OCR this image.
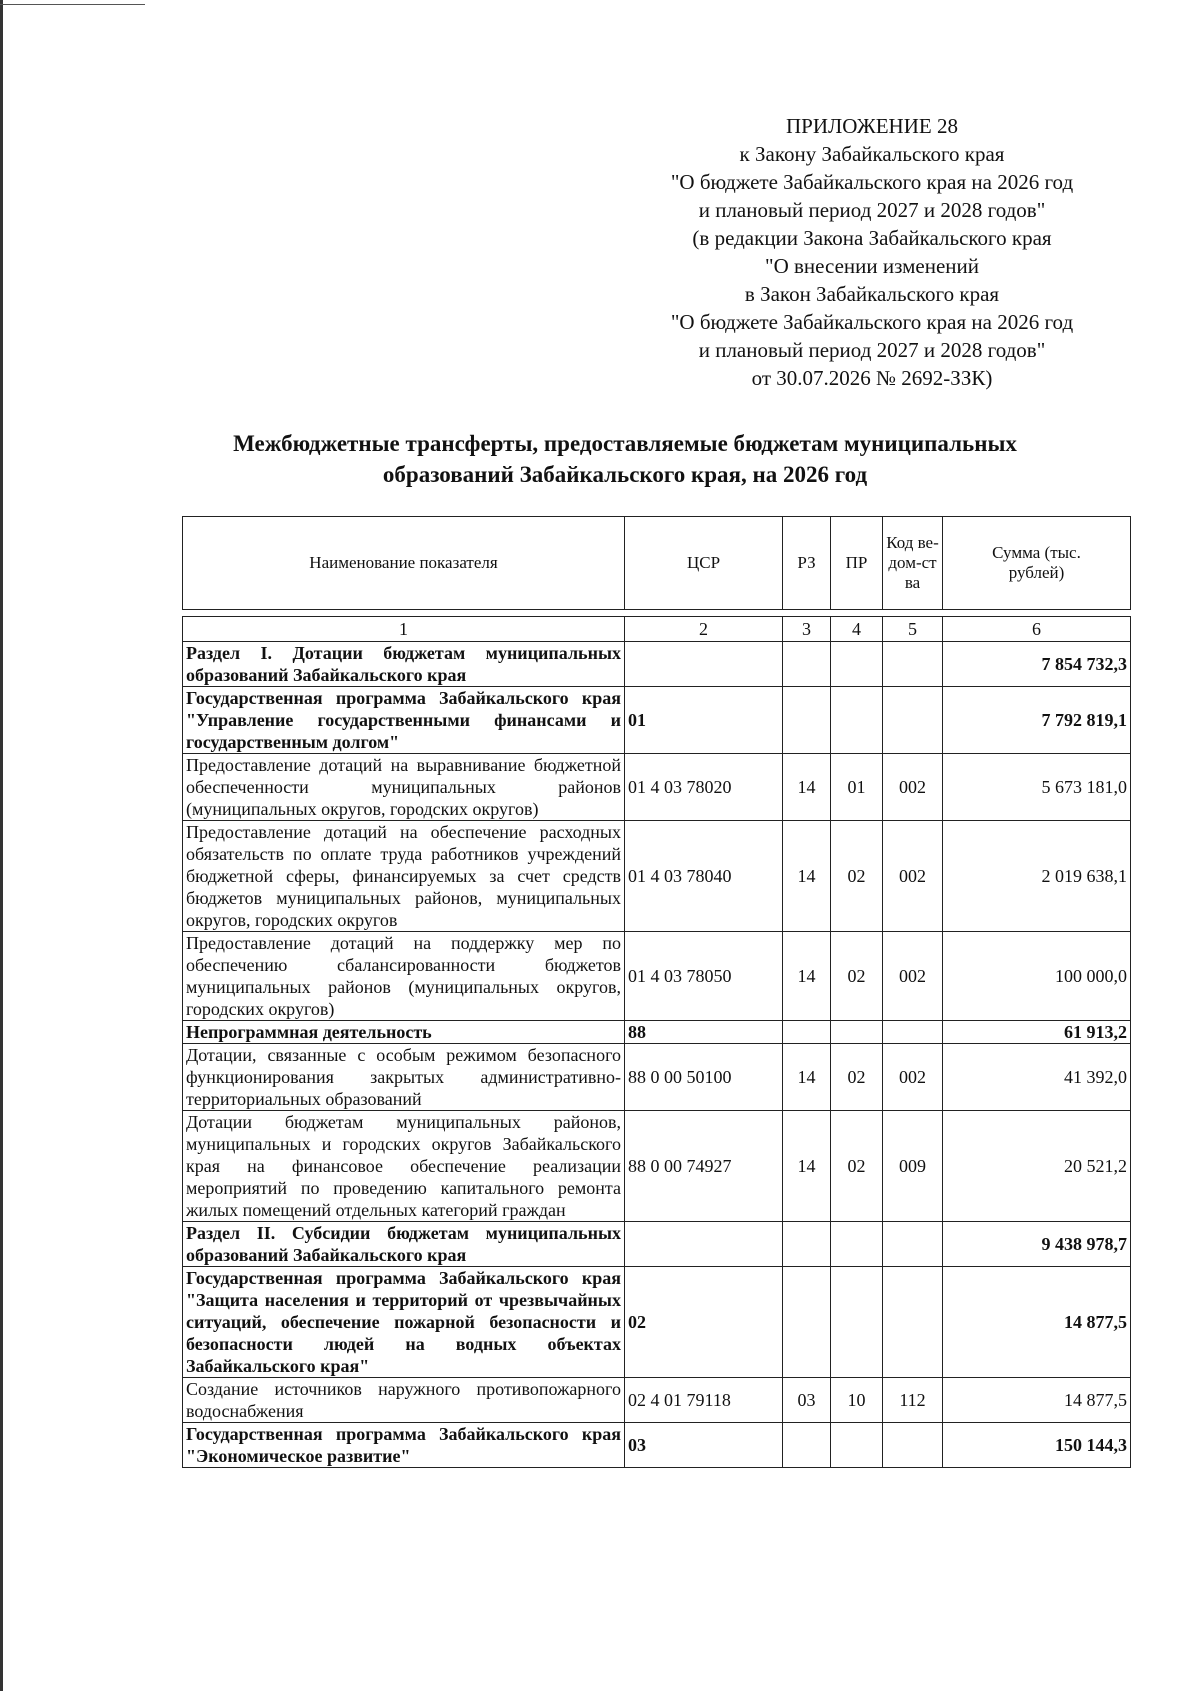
ПРИЛОЖЕНИЕ 28
к Закону Забайкальского края
"О бюджете Забайкальского края на 2026 год
и плановый период 2027 и 2028 годов"
(в редакции Закона Забайкальского края
"О внесении изменений
в Закон Забайкальского края
"О бюджете Забайкальского края на 2026 год
и плановый период 2027 и 2028 годов"
от 30.07.2026 № 2692-ЗЗК)
Межбюджетные трансферты, предоставляемые бюджетам муниципальных
образований Забайкальского края, на 2026 год
Наименование показателя	ЦСР	РЗ	ПР	Код ве-дом-ства	Сумма (тыс. рублей)

1	2	3	4	5	6
Раздел I. Дотации бюджетам муниципальных образований Забайкальского края					7 854 732,3
Государственная программа Забайкальского края "Управление государственными финансами и государственным долгом"	01				7 792 819,1
Предоставление дотаций на выравнивание бюджетной обеспеченности муниципальных районов (муниципальных округов, городских округов)	01 4 03 78020	14	01	002	5 673 181,0
Предоставление дотаций на обеспечение расходных обязательств по оплате труда работников учреждений бюджетной сферы, финансируемых за счет средств бюджетов муниципальных районов, муниципальных округов, городских округов	01 4 03 78040	14	02	002	2 019 638,1
Предоставление дотаций на поддержку мер по обеспечению сбалансированности бюджетов муниципальных районов (муниципальных округов, городских округов)	01 4 03 78050	14	02	002	100 000,0
Непрограммная деятельность	88				61 913,2
Дотации, связанные с особым режимом безопасного функционирования закрытых административно-территориальных образований	88 0 00 50100	14	02	002	41 392,0
Дотации бюджетам муниципальных районов, муниципальных и городских округов Забайкальского края на финансовое обеспечение реализации мероприятий по проведению капитального ремонта жилых помещений отдельных категорий граждан	88 0 00 74927	14	02	009	20 521,2
Раздел II. Субсидии бюджетам муниципальных образований Забайкальского края					9 438 978,7
Государственная программа Забайкальского края "Защита населения и территорий от чрезвычайных ситуаций, обеспечение пожарной безопасности и безопасности людей на водных объектах Забайкальского края"	02				14 877,5
Создание источников наружного противопожарного водоснабжения	02 4 01 79118	03	10	112	14 877,5
Государственная программа Забайкальского края "Экономическое развитие"	03				150 144,3
